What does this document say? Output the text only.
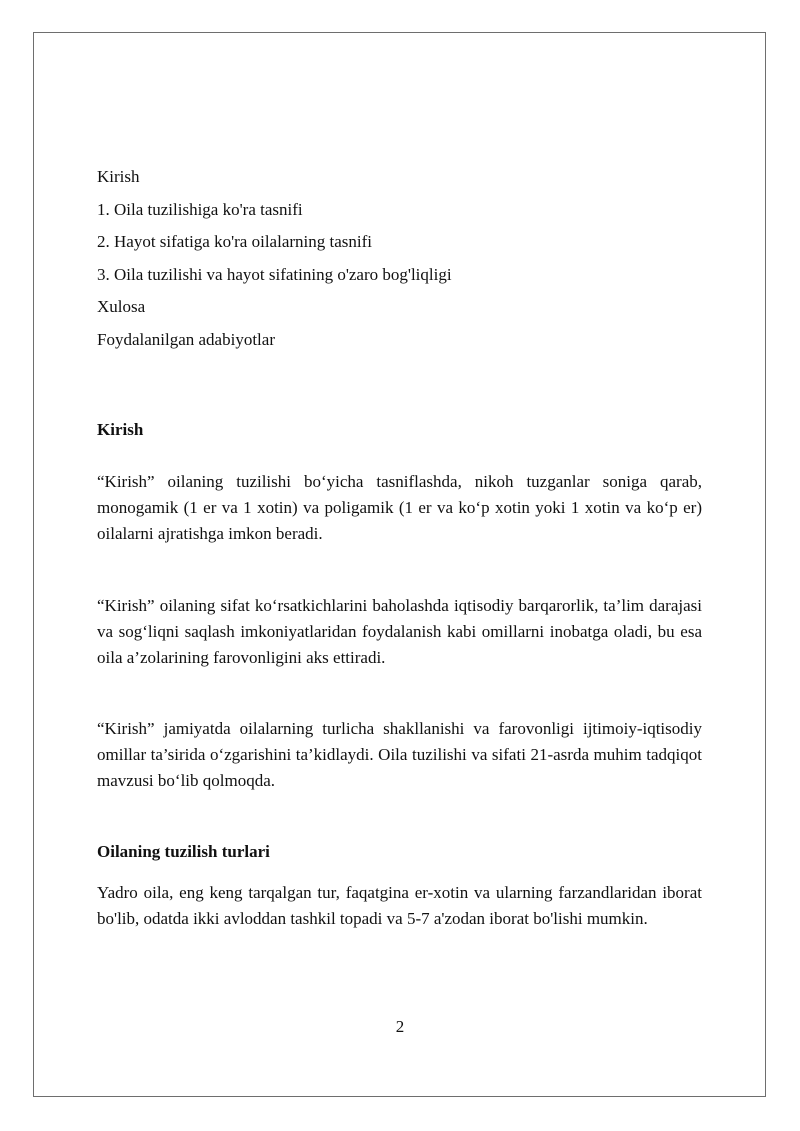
Kirish
1. Oila tuzilishiga ko'ra tasnifi
2. Hayot sifatiga ko'ra oilalarning tasnifi
3. Oila tuzilishi va hayot sifatining o'zaro bog'liqligi
Xulosa
Foydalanilgan adabiyotlar
Kirish

“Kirish” oilaning tuzilishi bo‘yicha tasniflashda, nikoh tuzganlar soniga qarab, monogamik (1 er va 1 xotin) va poligamik (1 er va ko‘p xotin yoki 1 xotin va ko‘p er) oilalarni ajratishga imkon beradi.

“Kirish” oilaning sifat ko‘rsatkichlarini baholashda iqtisodiy barqarorlik, ta’lim darajasi va sog‘liqni saqlash imkoniyatlaridan foydalanish kabi omillarni inobatga oladi, bu esa oila a’zolarining farovonligini aks ettiradi.

“Kirish” jamiyatda oilalarning turlicha shakllanishi va farovonligi ijtimoiy-iqtisodiy omillar ta’sirida o‘zgarishini ta’kidlaydi. Oila tuzilishi va sifati 21-asrda muhim tadqiqot mavzusi bo‘lib qolmoqda.

Oilaning tuzilish turlari

Yadro oila, eng keng tarqalgan tur, faqatgina er-xotin va ularning farzandlaridan iborat bo'lib, odatda ikki avloddan tashkil topadi va 5-7 a'zodan iborat bo'lishi mumkin.

2
